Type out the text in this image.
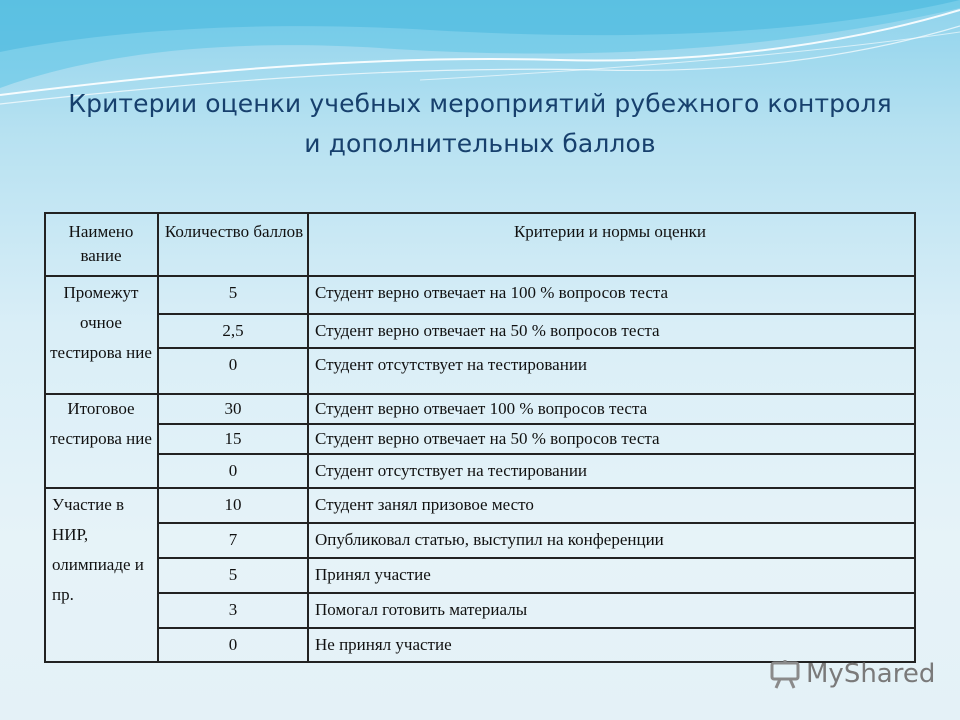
Критерии оценки учебных мероприятий рубежного контроля
и дополнительных баллов
Наимено вание
Количество баллов	Критерии и нормы оценки
Промежут очное тестирова ние
5	Студент верно отвечает на 100 % вопросов теста
2,5	Студент верно отвечает на 50 % вопросов теста
0	Студент отсутствует на тестировании
Итоговое тестирова ние
30	Студент верно отвечает 100 % вопросов теста
15	Студент верно отвечает на 50 % вопросов теста
0	Студент отсутствует на тестировании
Участие в НИР, олимпиаде и пр.
10	Студент занял призовое место
7	Опубликовал статью, выступил на конференции
5	Принял участие
3	Помогал готовить материалы
0	Не принял участие
MyShared
